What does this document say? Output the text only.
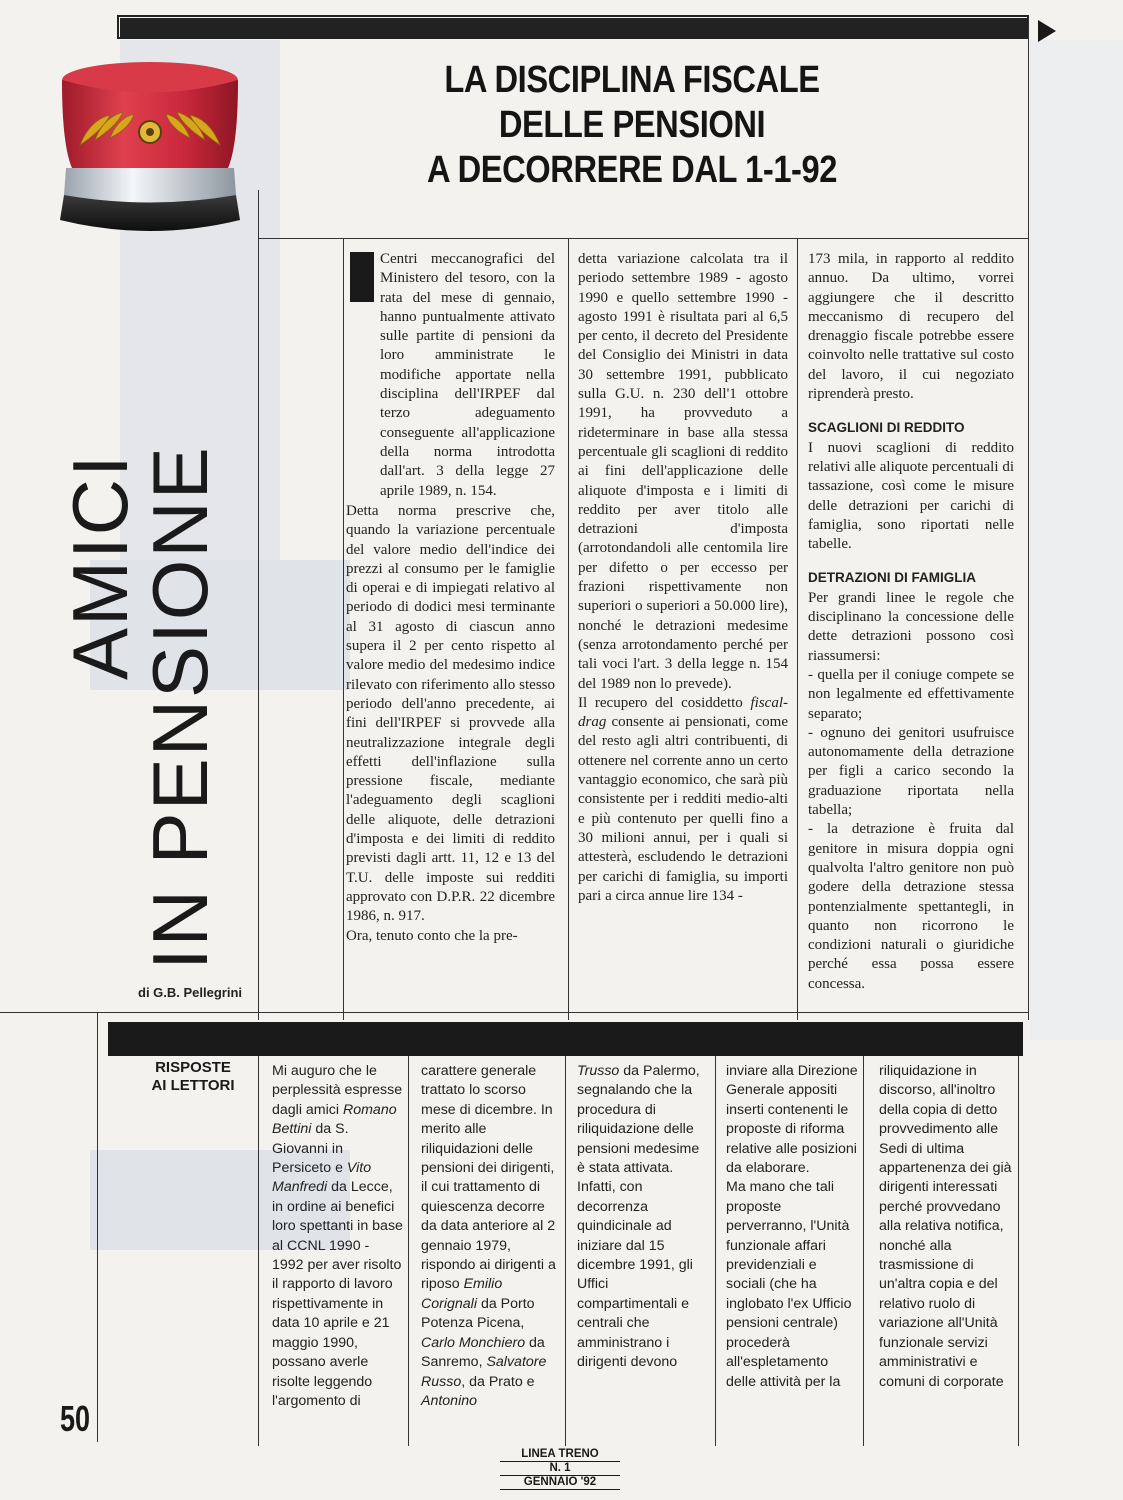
LA DISCIPLINA FISCALE
DELLE PENSIONI
A DECORRERE DAL 1-1-92
AMICI
IN PENSIONE
di G.B. Pellegrini

Centri meccanografici del Ministero del tesoro, con la rata del mese di gennaio, hanno puntualmente attivato sulle partite di pensioni da loro amministrate le modifiche apportate nella disciplina dell'IRPEF dal terzo adeguamento conseguente all'applicazione della norma introdotta dall'art. 3 della legge 27 aprile 1989, n. 154.

Detta norma prescrive che, quando la variazione percentuale del valore medio dell'indice dei prezzi al consumo per le famiglie di operai e di impiegati relativo al periodo di dodici mesi terminante al 31 agosto di ciascun anno supera il 2 per cento rispetto al valore medio del medesimo indice rilevato con riferimento allo stesso periodo dell'anno precedente, ai fini dell'IRPEF si provvede alla neutralizzazione integrale degli effetti dell'inflazione sulla pressione fiscale, mediante l'adeguamento degli scaglioni delle aliquote, delle detrazioni d'imposta e dei limiti di reddito previsti dagli artt. 11, 12 e 13 del T.U. delle imposte sui redditi approvato con D.P.R. 22 dicembre 1986, n. 917.

Ora, tenuto conto che la pre-

detta variazione calcolata tra il periodo settembre 1989 - agosto 1990 e quello settembre 1990 - agosto 1991 è risultata pari al 6,5 per cento, il decreto del Presidente del Consiglio dei Ministri in data 30 settembre 1991, pubblicato sulla G.U. n. 230 dell'1 ottobre 1991, ha provveduto a rideterminare in base alla stessa percentuale gli scaglioni di reddito ai fini dell'applicazione delle aliquote d'imposta e i limiti di reddito per aver titolo alle detrazioni d'imposta (arrotondandoli alle centomila lire per difetto o per eccesso per frazioni rispettivamente non superiori o superiori a 50.000 lire), nonché le detrazioni medesime (senza arrotondamento perché per tali voci l'art. 3 della legge n. 154 del 1989 non lo prevede).

Il recupero del cosiddetto fiscal-drag consente ai pensionati, come del resto agli altri contribuenti, di ottenere nel corrente anno un certo vantaggio economico, che sarà più consistente per i redditi medio-alti e più contenuto per quelli fino a 30 milioni annui, per i quali si attesterà, escludendo le detrazioni per carichi di famiglia, su importi pari a circa annue lire 134 -

173 mila, in rapporto al reddito annuo. Da ultimo, vorrei aggiungere che il descritto meccanismo di recupero del drenaggio fiscale potrebbe essere coinvolto nelle trattative sul costo del lavoro, il cui negoziato riprenderà presto.

SCAGLIONI DI REDDITO

I nuovi scaglioni di reddito relativi alle aliquote percentuali di tassazione, così come le misure delle detrazioni per carichi di famiglia, sono riportati nelle tabelle.

DETRAZIONI DI FAMIGLIA

Per grandi linee le regole che disciplinano la concessione delle dette detrazioni possono così riassumersi:

- quella per il coniuge compete se non legalmente ed effettivamente separato;

- ognuno dei genitori usufruisce autonomamente della detrazione per figli a carico secondo la graduazione riportata nella tabella;

- la detrazione è fruita dal genitore in misura doppia ogni qualvolta l'altro genitore non può godere della detrazione stessa pontenzialmente spettantegli, in quanto non ricorrono le condizioni naturali o giuridiche perché essa possa essere concessa.

RISPOSTE
AI LETTORI

Mi auguro che le perplessità espresse dagli amici Romano Bettini da S. Giovanni in Persiceto e Vito Manfredi da Lecce, in ordine ai benefici loro spettanti in base al CCNL 1990 - 1992 per aver risolto il rapporto di lavoro rispettivamente in data 10 aprile e 21 maggio 1990, possano averle risolte leggendo l'argomento di

carattere generale trattato lo scorso mese di dicembre. In merito alle riliquidazioni delle pensioni dei dirigenti, il cui trattamento di quiescenza decorre da data anteriore al 2 gennaio 1979, rispondo ai dirigenti a riposo Emilio Corignali da Porto Potenza Picena, Carlo Monchiero da Sanremo, Salvatore Russo, da Prato e Antonino

Trusso da Palermo, segnalando che la procedura di riliquidazione delle pensioni medesime è stata attivata.

Infatti, con decorrenza quindicinale ad iniziare dal 15 dicembre 1991, gli Uffici compartimentali e centrali che amministrano i dirigenti devono

inviare alla Direzione Generale appositi inserti contenenti le proposte di riforma relative alle posizioni da elaborare.

Ma mano che tali proposte perverranno, l'Unità funzionale affari previdenziali e sociali (che ha inglobato l'ex Ufficio pensioni centrale) procederà all'espletamento delle attività per la

riliquidazione in discorso, all'inoltro della copia di detto provvedimento alle Sedi di ultima appartenenza dei già dirigenti interessati perché provvedano alla relativa notifica, nonché alla trasmissione di un'altra copia e del relativo ruolo di variazione all'Unità funzionale servizi amministrativi e comuni di corporate

50
LINEA TRENO
N. 1
GENNAIO '92
